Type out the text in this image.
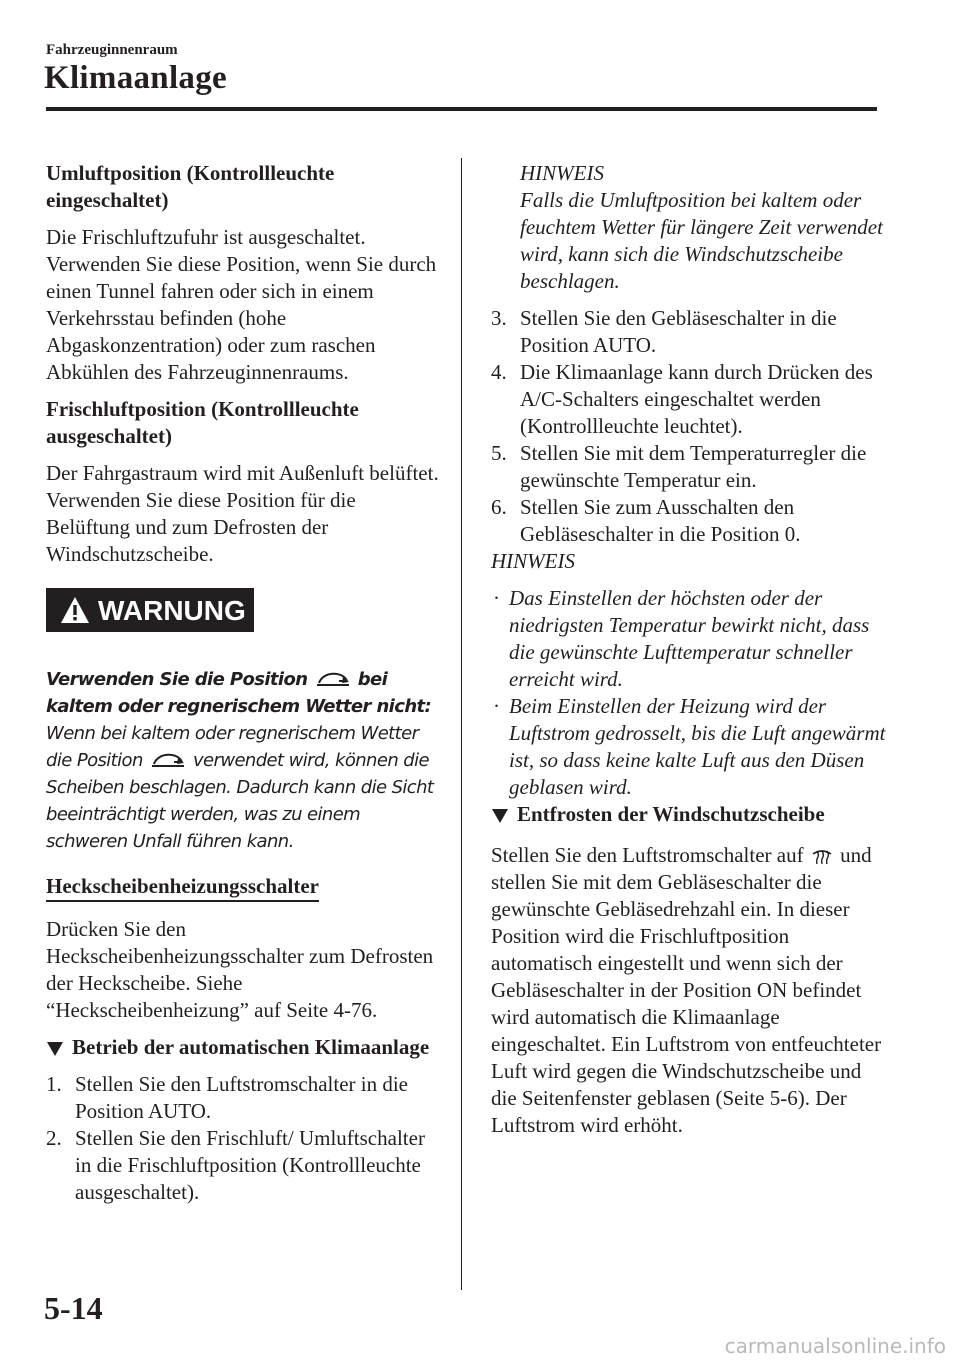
Fahrzeuginnenraum
Klimaanlage

Umluftposition (Kontrollleuchte eingeschaltet)

Die Frischluftzufuhr ist ausgeschaltet. Verwenden Sie diese Position, wenn Sie durch einen Tunnel fahren oder sich in einem Verkehrsstau befinden (hohe Abgaskonzentration) oder zum raschen Abkühlen des Fahrzeuginnenraums.

Frischluftposition (Kontrollleuchte ausgeschaltet)

Der Fahrgastraum wird mit Außenluft belüftet. Verwenden Sie diese Position für die Belüftung und zum Defrosten der Windschutzscheibe.

WARNUNG

Verwenden Sie die Position	bei kaltem oder regnerischem Wetter nicht:
Wenn bei kaltem oder regnerischem Wetter die Position	verwendet wird, können die Scheiben beschlagen. Dadurch kann die Sicht beeinträchtigt werden, was zu einem schweren Unfall führen kann.

Heckscheibenheizungsschalter

Drücken Sie den Heckscheibenheizungsschalter zum Defrosten der Heckscheibe. Siehe “Heckscheibenheizung” auf Seite 4-76.

Betrieb der automatischen Klimaanlage

1. Stellen Sie den Luftstromschalter in die Position AUTO.
2. Stellen Sie den Frischluft/ Umluftschalter in die Frischluftposition (Kontrollleuchte ausgeschaltet).

HINWEIS

Falls die Umluftposition bei kaltem oder feuchtem Wetter für längere Zeit verwendet wird, kann sich die Windschutzscheibe beschlagen.

3. Stellen Sie den Gebläseschalter in die Position AUTO.
4. Die Klimaanlage kann durch Drücken des A/C-Schalters eingeschaltet werden (Kontrollleuchte leuchtet).
5. Stellen Sie mit dem Temperaturregler die gewünschte Temperatur ein.
6. Stellen Sie zum Ausschalten den Gebläseschalter in die Position 0.

HINWEIS

· Das Einstellen der höchsten oder der niedrigsten Temperatur bewirkt nicht, dass die gewünschte Lufttemperatur schneller erreicht wird.
· Beim Einstellen der Heizung wird der Luftstrom gedrosselt, bis die Luft angewärmt ist, so dass keine kalte Luft aus den Düsen geblasen wird.

Entfrosten der Windschutzscheibe

Stellen Sie den Luftstromschalter auf und stellen Sie mit dem Gebläseschalter die gewünschte Gebläsedrehzahl ein. In dieser Position wird die Frischluftposition automatisch eingestellt und wenn sich der Gebläseschalter in der Position ON befindet wird automatisch die Klimaanlage eingeschaltet. Ein Luftstrom von entfeuchteter Luft wird gegen die Windschutzscheibe und die Seitenfenster geblasen (Seite 5-6). Der Luftstrom wird erhöht.

5-14
carmanualsonline.info
